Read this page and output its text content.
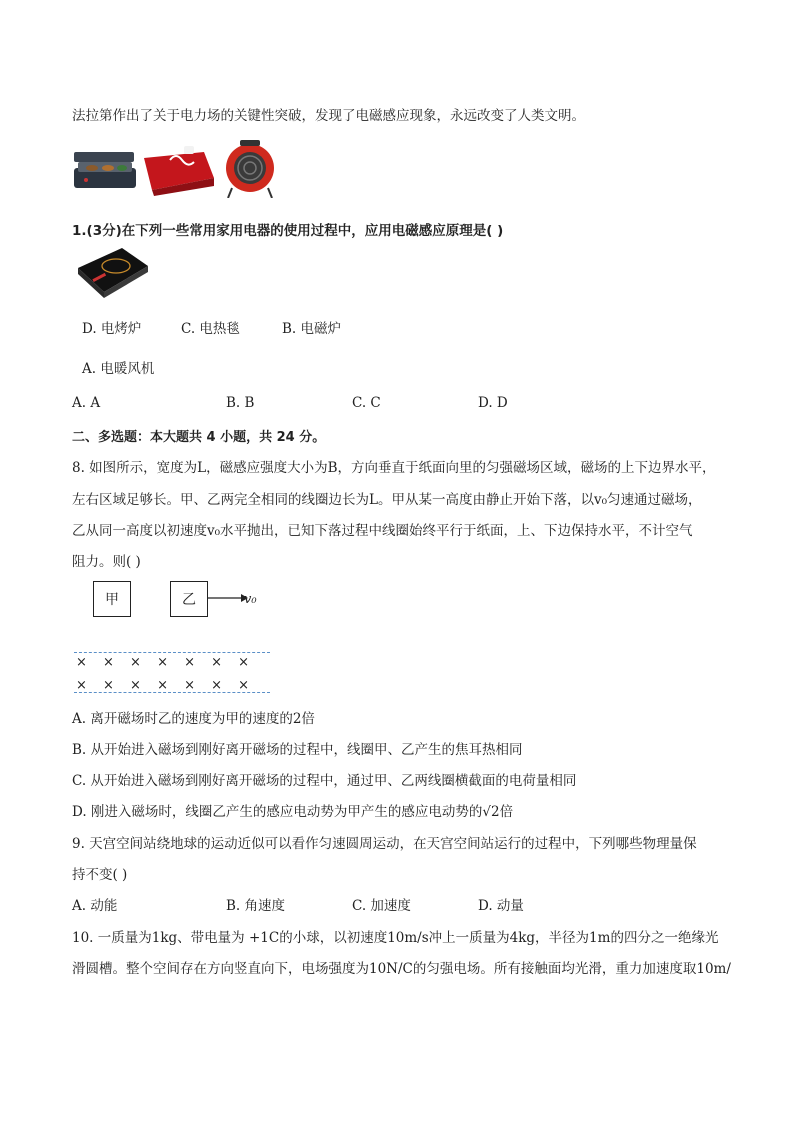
法拉第作出了关于电力场的关键性突破，发现了电磁感应现象，永远改变了人类文明。
1.(3分)在下列一些常用家用电器的使用过程中，应用电磁感应原理是( )
D. 电烤炉	C. 电热毯	B. 电磁炉
A. 电暖风机
A. A	B. B	C. C	D. D
二、多选题：本大题共 4 小题，共 24 分。
8. 如图所示，宽度为L，磁感应强度大小为B，方向垂直于纸面向里的匀强磁场区域，磁场的上下边界水平，
左右区域足够长。甲、乙两完全相同的线圈边长为L。甲从某一高度由静止开始下落，以v₀匀速通过磁场，
乙从同一高度以初速度v₀水平抛出，已知下落过程中线圈始终平行于纸面，上、下边保持水平，不计空气
阻力。则( )
甲	乙	v₀
× × × × × × ×
× × × × × × ×
A. 离开磁场时乙的速度为甲的速度的2倍
B. 从开始进入磁场到刚好离开磁场的过程中，线圈甲、乙产生的焦耳热相同
C. 从开始进入磁场到刚好离开磁场的过程中，通过甲、乙两线圈横截面的电荷量相同
D. 刚进入磁场时，线圈乙产生的感应电动势为甲产生的感应电动势的√2倍
9. 天宫空间站绕地球的运动近似可以看作匀速圆周运动，在天宫空间站运行的过程中，下列哪些物理量保
持不变( )
A. 动能	B. 角速度	C. 加速度	D. 动量
10. 一质量为1kg、带电量为 +1C的小球，以初速度10m/s冲上一质量为4kg，半径为1m的四分之一绝缘光
滑圆槽。整个空间存在方向竖直向下，电场强度为10N/C的匀强电场。所有接触面均光滑，重力加速度取10m/
